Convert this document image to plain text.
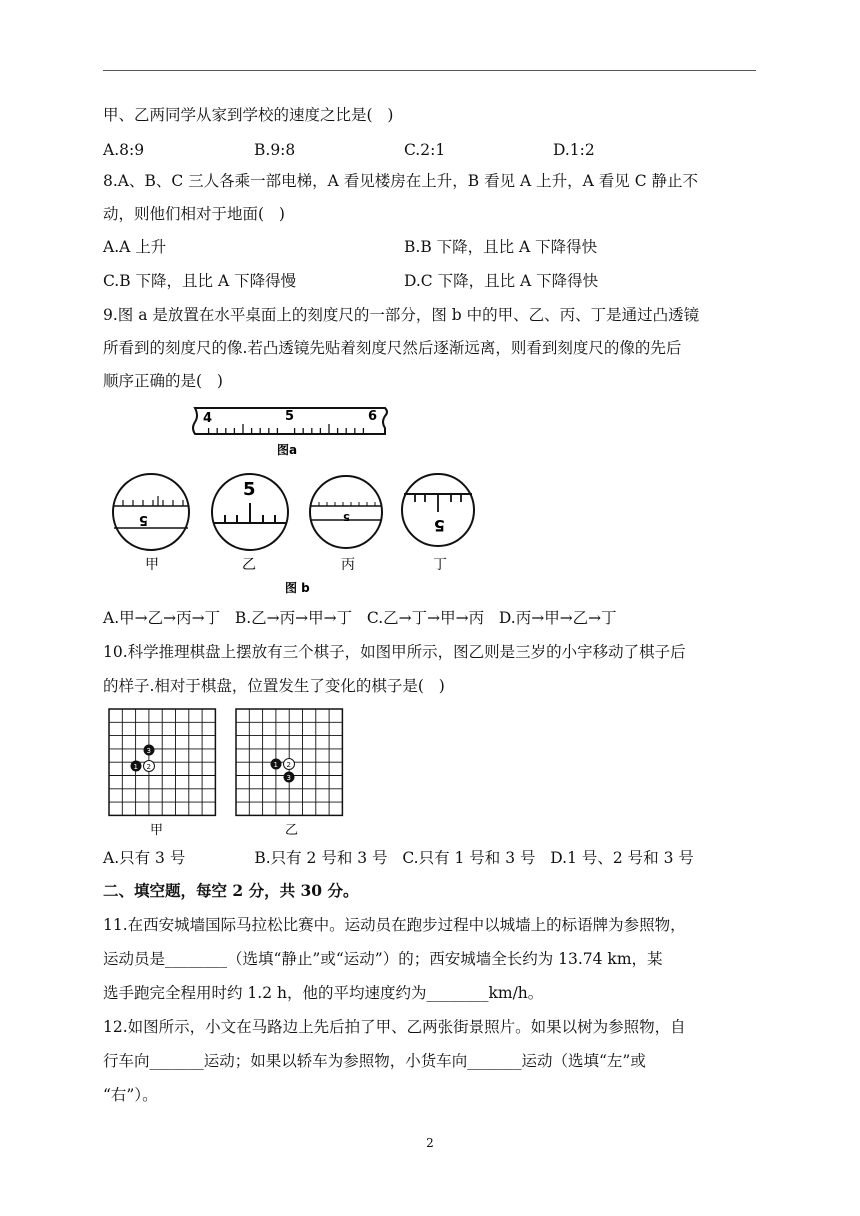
甲、乙两同学从家到学校的速度之比是(   )
A.8:9	B.9:8	C.2:1	D.1:2
8.A、B、C 三人各乘一部电梯，A 看见楼房在上升，B 看见 A 上升，A 看见 C 静止不
动，则他们相对于地面(   )
A.A 上升	B.B 下降，且比 A 下降得快
C.B 下降，且比 A 下降得慢	D.C 下降，且比 A 下降得快
9.图 a 是放置在水平桌面上的刻度尺的一部分，图 b 中的甲、乙、丙、丁是通过凸透镜
所看到的刻度尺的像.若凸透镜先贴着刻度尺然后逐渐远离，则看到刻度尺的像的先后
顺序正确的是(   )
4	5	6
图a
5
5
5	5
甲	乙	丙	丁
图 b
A.甲→乙→丙→丁   B.乙→丙→甲→丁   C.乙→丁→甲→丙   D.丙→甲→乙→丁
10.科学推理棋盘上摆放有三个棋子，如图甲所示，图乙则是三岁的小宇移动了棋子后
的样子.相对于棋盘，位置发生了变化的棋子是(   )
3
1 2	1 2
3
甲	乙
A.只有 3 号              B.只有 2 号和 3 号   C.只有 1 号和 3 号   D.1 号、2 号和 3 号
二、填空题，每空 2 分，共 30 分。
11.在西安城墙国际马拉松比赛中。运动员在跑步过程中以城墙上的标语牌为参照物，
运动员是________（选填“静止”或“运动”）的；西安城墙全长约为 13.74 km，某
选手跑完全程用时约 1.2 h，他的平均速度约为________km/h。
12.如图所示，小文在马路边上先后拍了甲、乙两张街景照片。如果以树为参照物，自
行车向_______运动；如果以轿车为参照物，小货车向_______运动（选填“左”或
“右”）。
2
